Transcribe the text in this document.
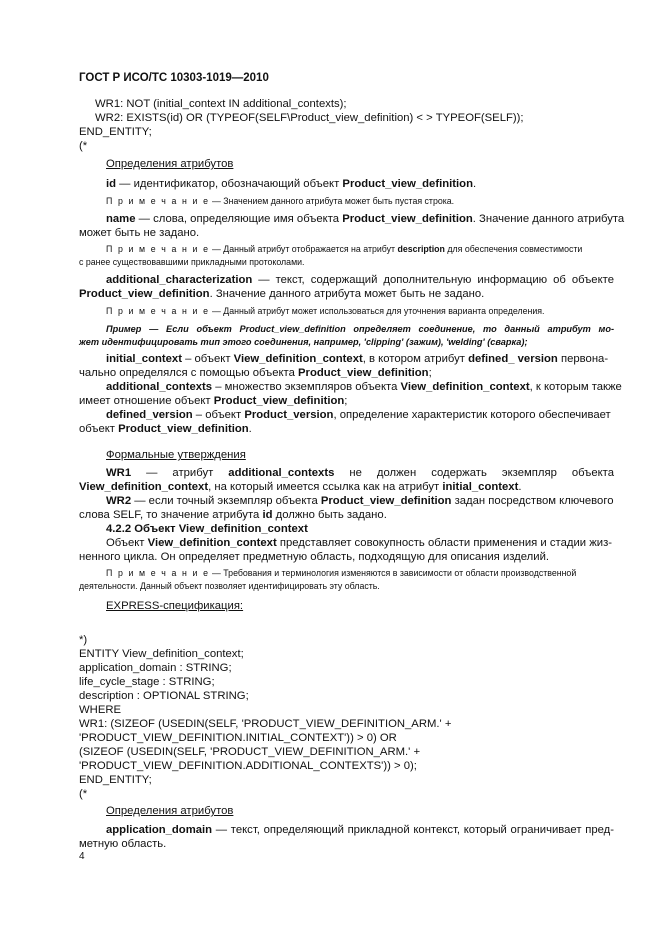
ГОСТ Р ИСО/ТС 10303-1019—2010
WR1: NOT (initial_context IN additional_contexts);
WR2: EXISTS(id) OR (TYPEOF(SELF\Product_view_definition) < > TYPEOF(SELF));
END_ENTITY;
(*
Определения атрибутов
id — идентификатор, обозначающий объект Product_view_definition.
П р и м е ч а н и е — Значением данного атрибута может быть пустая строка.
name — слова, определяющие имя объекта Product_view_definition. Значение данного атрибута
может быть не задано.
П р и м е ч а н и е — Данный атрибут отображается на атрибут description для обеспечения совместимости
с ранее существовавшими прикладными протоколами.
additional_characterization — текст, содержащий дополнительную информацию об объекте
Product_view_definition. Значение данного атрибута может быть не задано.
П р и м е ч а н и е — Данный атрибут может использоваться для уточнения варианта определения.
Пример — Если объект Product_view_definition определяет соединение, то данный атрибут мо-
жет идентифицировать тип этого соединения, например, 'clipping' (зажим), 'welding' (сварка);
initial_context – объект View_definition_context, в котором атрибут defined_ version первона-
чально определялся с помощью объекта Product_view_definition;
additional_contexts – множество экземпляров объекта View_definition_context, к которым также
имеет отношение объект Product_view_definition;
defined_version – объект Product_version, определение характеристик которого обеспечивает
объект Product_view_definition.
Формальные утверждения
WR1 — атрибут additional_contexts не должен содержать экземпляр объекта
View_definition_context, на который имеется ссылка как на атрибут initial_context.
WR2 — если точный экземпляр объекта Product_view_definition задан посредством ключевого
слова SELF, то значение атрибута id должно быть задано.
4.2.2 Объект View_definition_context
Объект View_definition_context представляет совокупность области применения и стадии жиз-
ненного цикла. Он определяет предметную область, подходящую для описания изделий.
П р и м е ч а н и е — Требования и терминология изменяются в зависимости от области производственной
деятельности. Данный объект позволяет идентифицировать эту область.
EXPRESS-спецификация:
*)
ENTITY View_definition_context;
application_domain : STRING;
life_cycle_stage : STRING;
description : OPTIONAL STRING;
WHERE
WR1: (SIZEOF (USEDIN(SELF, 'PRODUCT_VIEW_DEFINITION_ARM.' +
'PRODUCT_VIEW_DEFINITION.INITIAL_CONTEXT')) > 0) OR
(SIZEOF (USEDIN(SELF, 'PRODUCT_VIEW_DEFINITION_ARM.' +
'PRODUCT_VIEW_DEFINITION.ADDITIONAL_CONTEXTS')) > 0);
END_ENTITY;
(*
Определения атрибутов
application_domain — текст, определяющий прикладной контекст, который ограничивает пред-
метную область.
4
